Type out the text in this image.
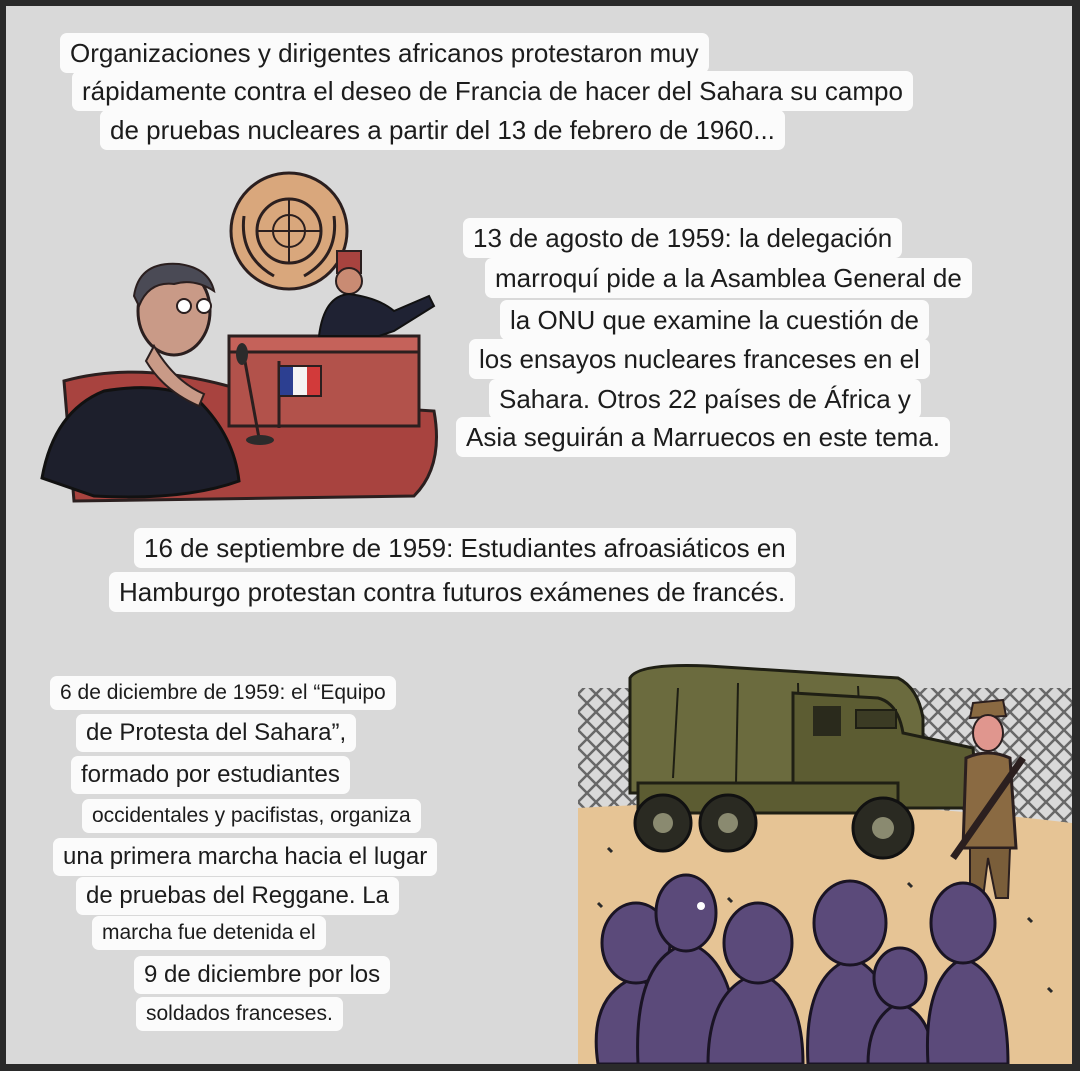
Organizaciones y dirigentes africanos protestaron muy
rápidamente contra el deseo de Francia de hacer del Sahara su campo
de pruebas nucleares a partir del 13 de febrero de 1960...
13 de agosto de 1959: la delegación
marroquí pide a la Asamblea General de
la ONU que examine la cuestión de
los ensayos nucleares franceses en el
Sahara. Otros 22 países de África y
Asia seguirán a Marruecos en este tema.
16 de septiembre de 1959: Estudiantes afroasiáticos en
Hamburgo protestan contra futuros exámenes de francés.
6 de diciembre de 1959: el “Equipo
de Protesta del Sahara”,
formado por estudiantes
occidentales y pacifistas, organiza
una primera marcha hacia el lugar
de pruebas del Reggane. La
marcha fue detenida el
9 de diciembre por los
soldados franceses.
